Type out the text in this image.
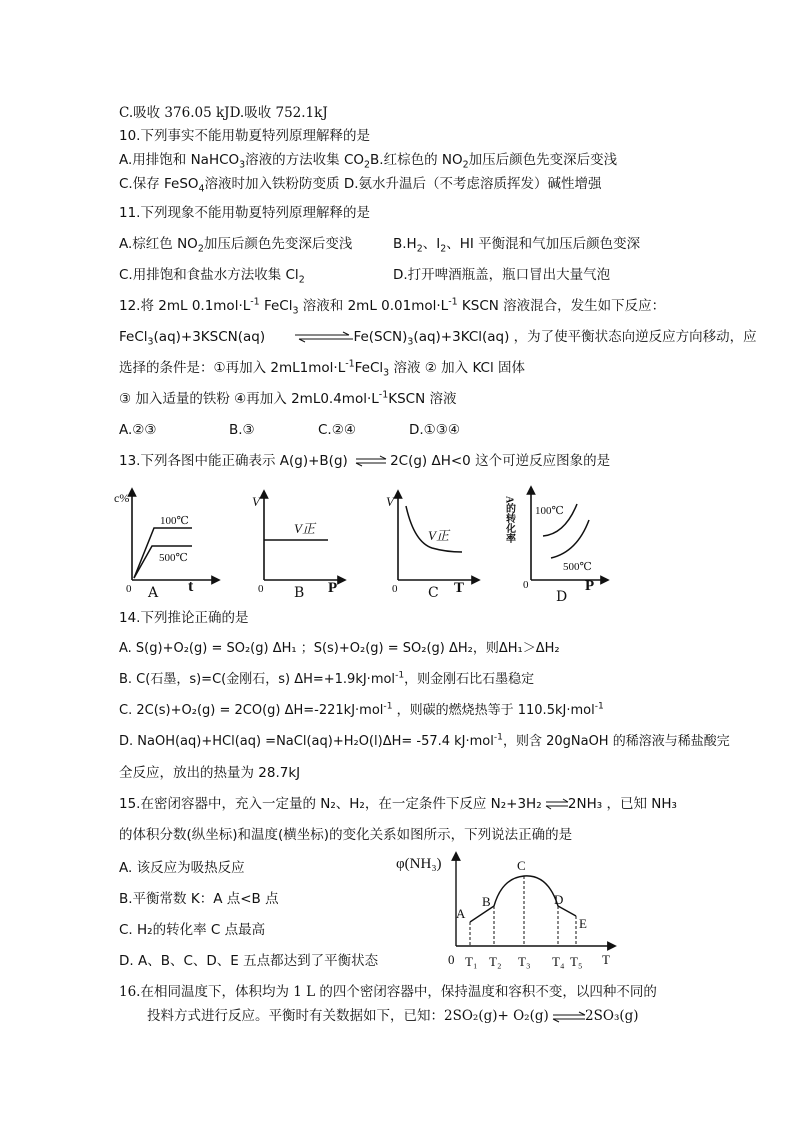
C.吸收 376.05 kJD.吸收 752.1kJ
10.下列事实不能用勒夏特列原理解释的是
A.用排饱和 NaHCO$_3$溶液的方法收集 $CO_2B$.红棕色的 $NO_2$加压后颜色先变深后变浅
C.保存 FeSO$_4$溶液时加入铁粉防变质 D.氨水升温后（不考虑溶质挥发）碱性增强
11.下列现象不能用勒夏特列原理解释的是
A.棕红色 $NO_2$加压后颜色先变深后变浅	$B.H_2$、$I_2$、HI 平衡混和气加压后颜色变深
C.用排饱和食盐水方法收集 $Cl_2$	D.打开啤酒瓶盖，瓶口冒出大量气泡
12.将 2mL $0.1mol\cdot L^{-1}$ FeCl$_3$ 溶液和 2mL $0.01mol\cdot L^{-1}$ KSCN 溶液混合，发生如下反应：
FeCl$_3$(aq)+3KSCN(aq)	$Fe(SCN)_3(aq)+3KCl(aq)$ ，为了使平衡状态向逆反应方向移动，应
选择的条件是：①再加入 $2mL1mol\cdot L^{-1}FeCl_3$ 溶液 ② 加入 KCl 固体
③ 加入适量的铁粉 ④再加入 $2mL0.4mol\cdot L^{-1}KSCN$ 溶液
A.②③	B.③	C.②④	D.①③④
13.下列各图中能正确表示 A(g)+B(g) ⇌ 2C(g) ΔH<0 这个可逆反应图象的是
c%
100℃
500℃
0	t
A
V
V正
0	P
B
V
V正
0	T
C
A的转化率 100℃
500℃
0	P
D
14.下列推论正确的是
A. S(g)+O₂(g) = SO₂(g) ΔH₁ ；S(s)+O₂(g) = SO₂(g) ΔH₂，则ΔH₁＞ΔH₂
B. C(石墨，s)=C(金刚石，s) ΔH=+1.9kJ·mol$^{-1}$，则金刚石比石墨稳定
C. 2C(s)+O₂(g) = 2CO(g) ΔH=-221kJ·mol$^{-1}$ ，则碳的燃烧热等于 110.5kJ·mol$^{-1}$
D. NaOH(aq)+HCl(aq) =NaCl(aq)+H₂O(l)ΔH= -57.4 kJ·mol$^{-1}$，则含 20gNaOH 的稀溶液与稀盐酸完
全反应，放出的热量为 28.7kJ
15.在密闭容器中，充入一定量的 N₂、H₂，在一定条件下反应 N₂+3H₂ ⇌2NH₃ ，已知 NH₃
的体积分数(纵坐标)和温度(横坐标)的变化关系如图所示，下列说法正确的是
A. 该反应为吸热反应
B.平衡常数 K：A 点<B 点
C. H₂的转化率 C 点最高
D. A、B、C、D、E 五点都达到了平衡状态
φ(NH₃)
A
B
C
D
E
0 T₁ T₂ T₃ T₄ T₅ T
16.在相同温度下，体积均为 1 L 的四个密闭容器中，保持温度和容积不变，以四种不同的
投料方式进行反应。平衡时有关数据如下，已知：2SO₂(g)+ O₂(g) ⇌2SO₃(g)
